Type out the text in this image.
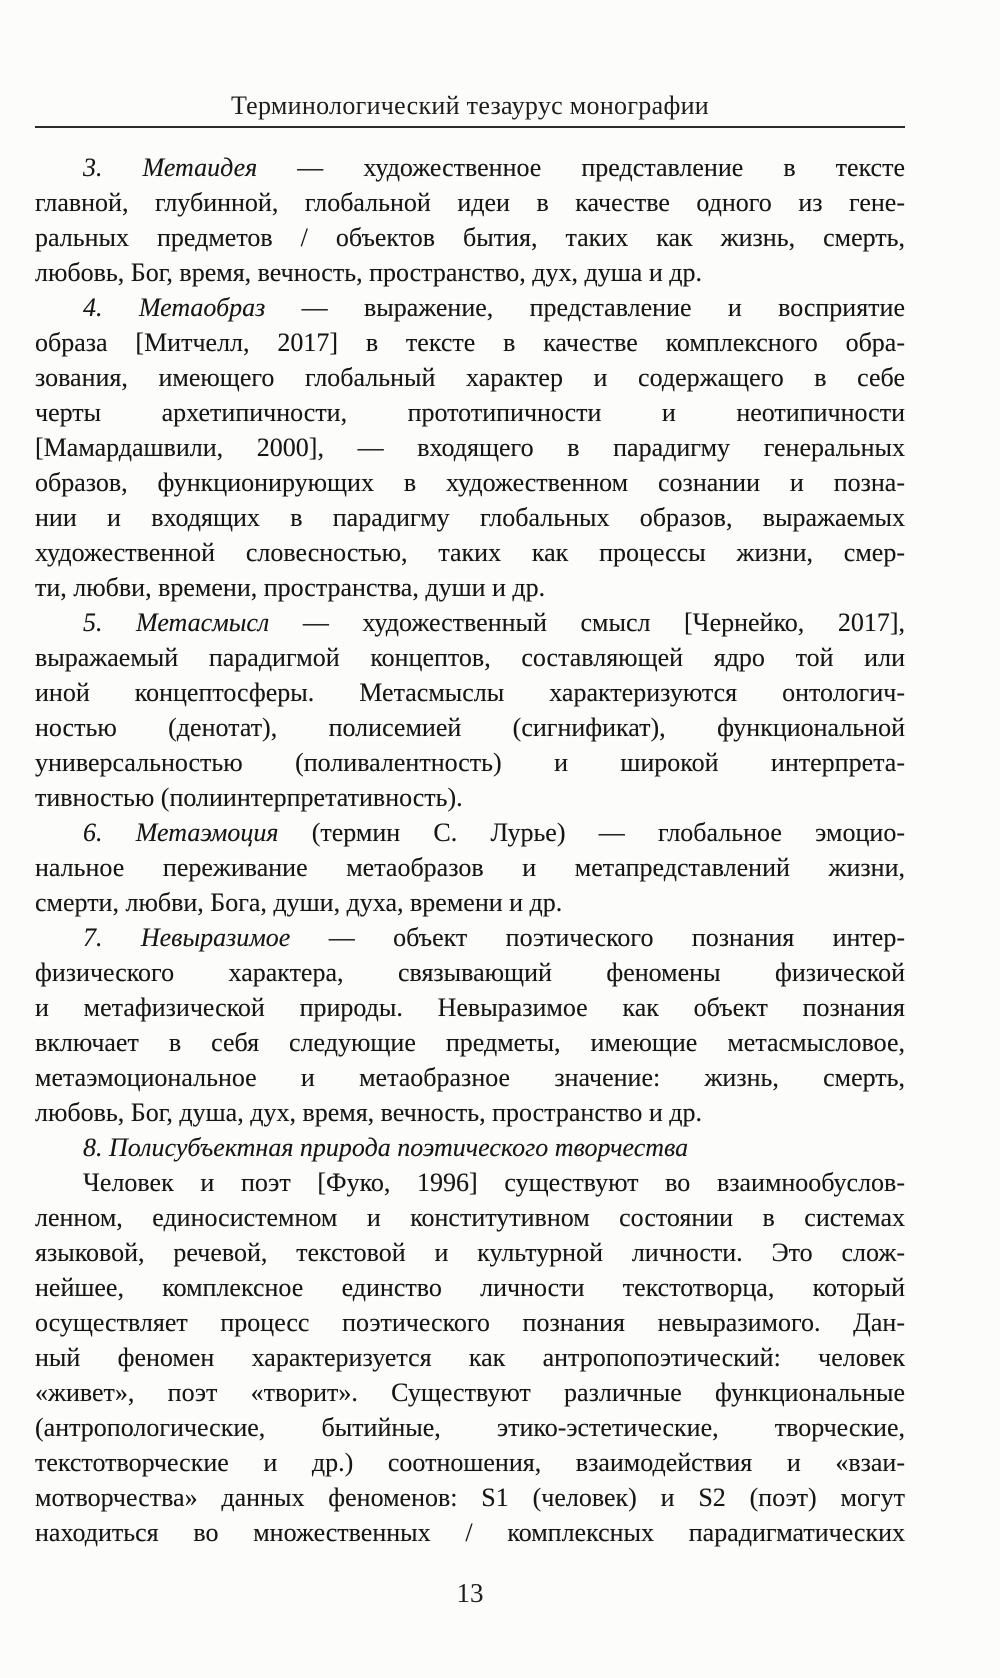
Терминологический тезаурус монографии
3. Метаидея — художественное представление в тексте
главной, глубинной, глобальной идеи в качестве одного из гене-
ральных предметов / объектов бытия, таких как жизнь, смерть,
любовь, Бог, время, вечность, пространство, дух, душа и др.
4. Метаобраз — выражение, представление и восприятие
образа [Митчелл, 2017] в тексте в качестве комплексного обра-
зования, имеющего глобальный характер и содержащего в себе
черты архетипичности, прототипичности и неотипичности
[Мамардашвили, 2000], — входящего в парадигму генеральных
образов, функционирующих в художественном сознании и позна-
нии и входящих в парадигму глобальных образов, выражаемых
художественной словесностью, таких как процессы жизни, смер-
ти, любви, времени, пространства, души и др.
5. Метасмысл — художественный смысл [Чернейко, 2017],
выражаемый парадигмой концептов, составляющей ядро той или
иной концептосферы. Метасмыслы характеризуются онтологич-
ностью (денотат), полисемией (сигнификат), функциональной
универсальностью (поливалентность) и широкой интерпрета-
тивностью (полиинтерпретативность).
6. Метаэмоция (термин С. Лурье) — глобальное эмоцио-
нальное переживание метаобразов и метапредставлений жизни,
смерти, любви, Бога, души, духа, времени и др.
7. Невыразимое — объект поэтического познания интер-
физического характера, связывающий феномены физической
и метафизической природы. Невыразимое как объект познания
включает в себя следующие предметы, имеющие метасмысловое,
метаэмоциональное и метаобразное значение: жизнь, смерть,
любовь, Бог, душа, дух, время, вечность, пространство и др.
8. Полисубъектная природа поэтического творчества
Человек и поэт [Фуко, 1996] существуют во взаимнообуслов-
ленном, единосистемном и конститутивном состоянии в системах
языковой, речевой, текстовой и культурной личности. Это слож-
нейшее, комплексное единство личности текстотворца, который
осуществляет процесс поэтического познания невыразимого. Дан-
ный феномен характеризуется как антропопоэтический: человек
«живет», поэт «творит». Существуют различные функциональные
(антропологические, бытийные, этико-эстетические, творческие,
текстотворческие и др.) соотношения, взаимодействия и «взаи-
мотворчества» данных феноменов: S1 (человек) и S2 (поэт) могут
находиться во множественных / комплексных парадигматических
13
